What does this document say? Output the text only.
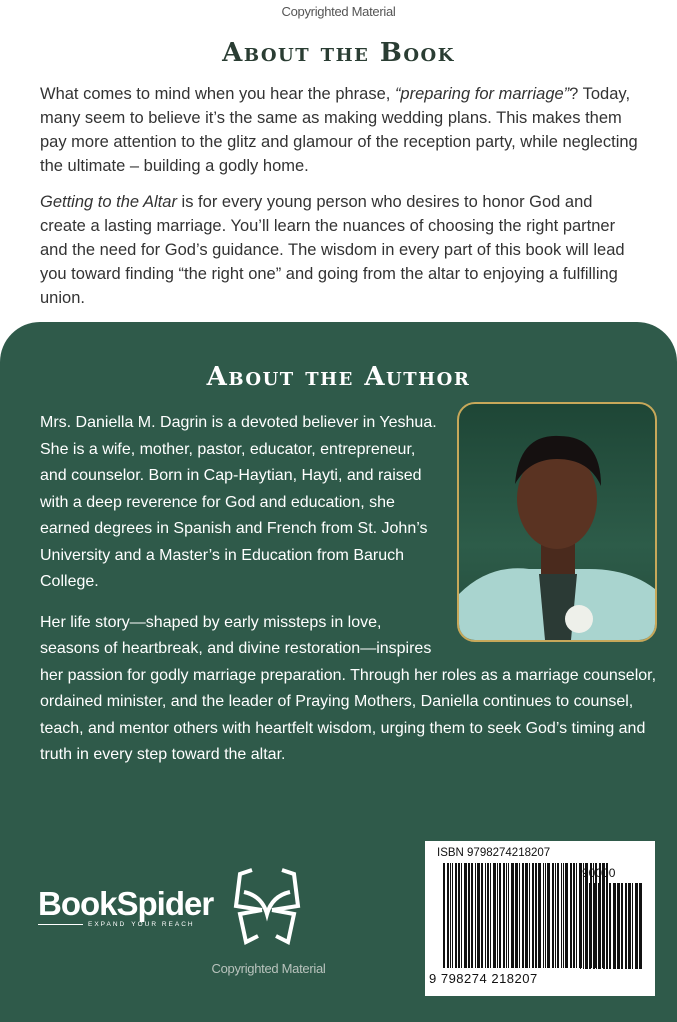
Copyrighted Material
About the Book

What comes to mind when you hear the phrase, “preparing for marriage”? Today, many seem to believe it’s the same as making wedding plans. This makes them pay more attention to the glitz and glamour of the reception party, while neglecting the ultimate – building a godly home.

Getting to the Altar is for every young person who desires to honor God and create a lasting marriage. You’ll learn the nuances of choosing the right partner and the need for God’s guidance. The wisdom in every part of this book will lead you toward finding “the right one” and going from the altar to enjoying a fulfilling union.

About the Author

Mrs. Daniella M. Dagrin is a devoted believer in Yeshua. She is a wife, mother, pastor, educator, entrepreneur, and counselor. Born in Cap-Haytian, Hayti, and raised with a deep reverence for God and education, she earned degrees in Spanish and French from St. John’s University and a Master’s in Education from Baruch College.

Her life story—shaped by early missteps in love, seasons of heartbreak, and divine restoration—inspires her passion for godly marriage preparation. Through her roles as a marriage counselor, ordained minister, and the leader of Praying Mothers, Daniella continues to counsel, teach, and mentor others with heartfelt wisdom, urging them to seek God’s timing and truth in every step toward the altar.

BookSpider
EXPAND YOUR REACH
Copyrighted Material
ISBN 9798274218207
90000
9 798274 218207
